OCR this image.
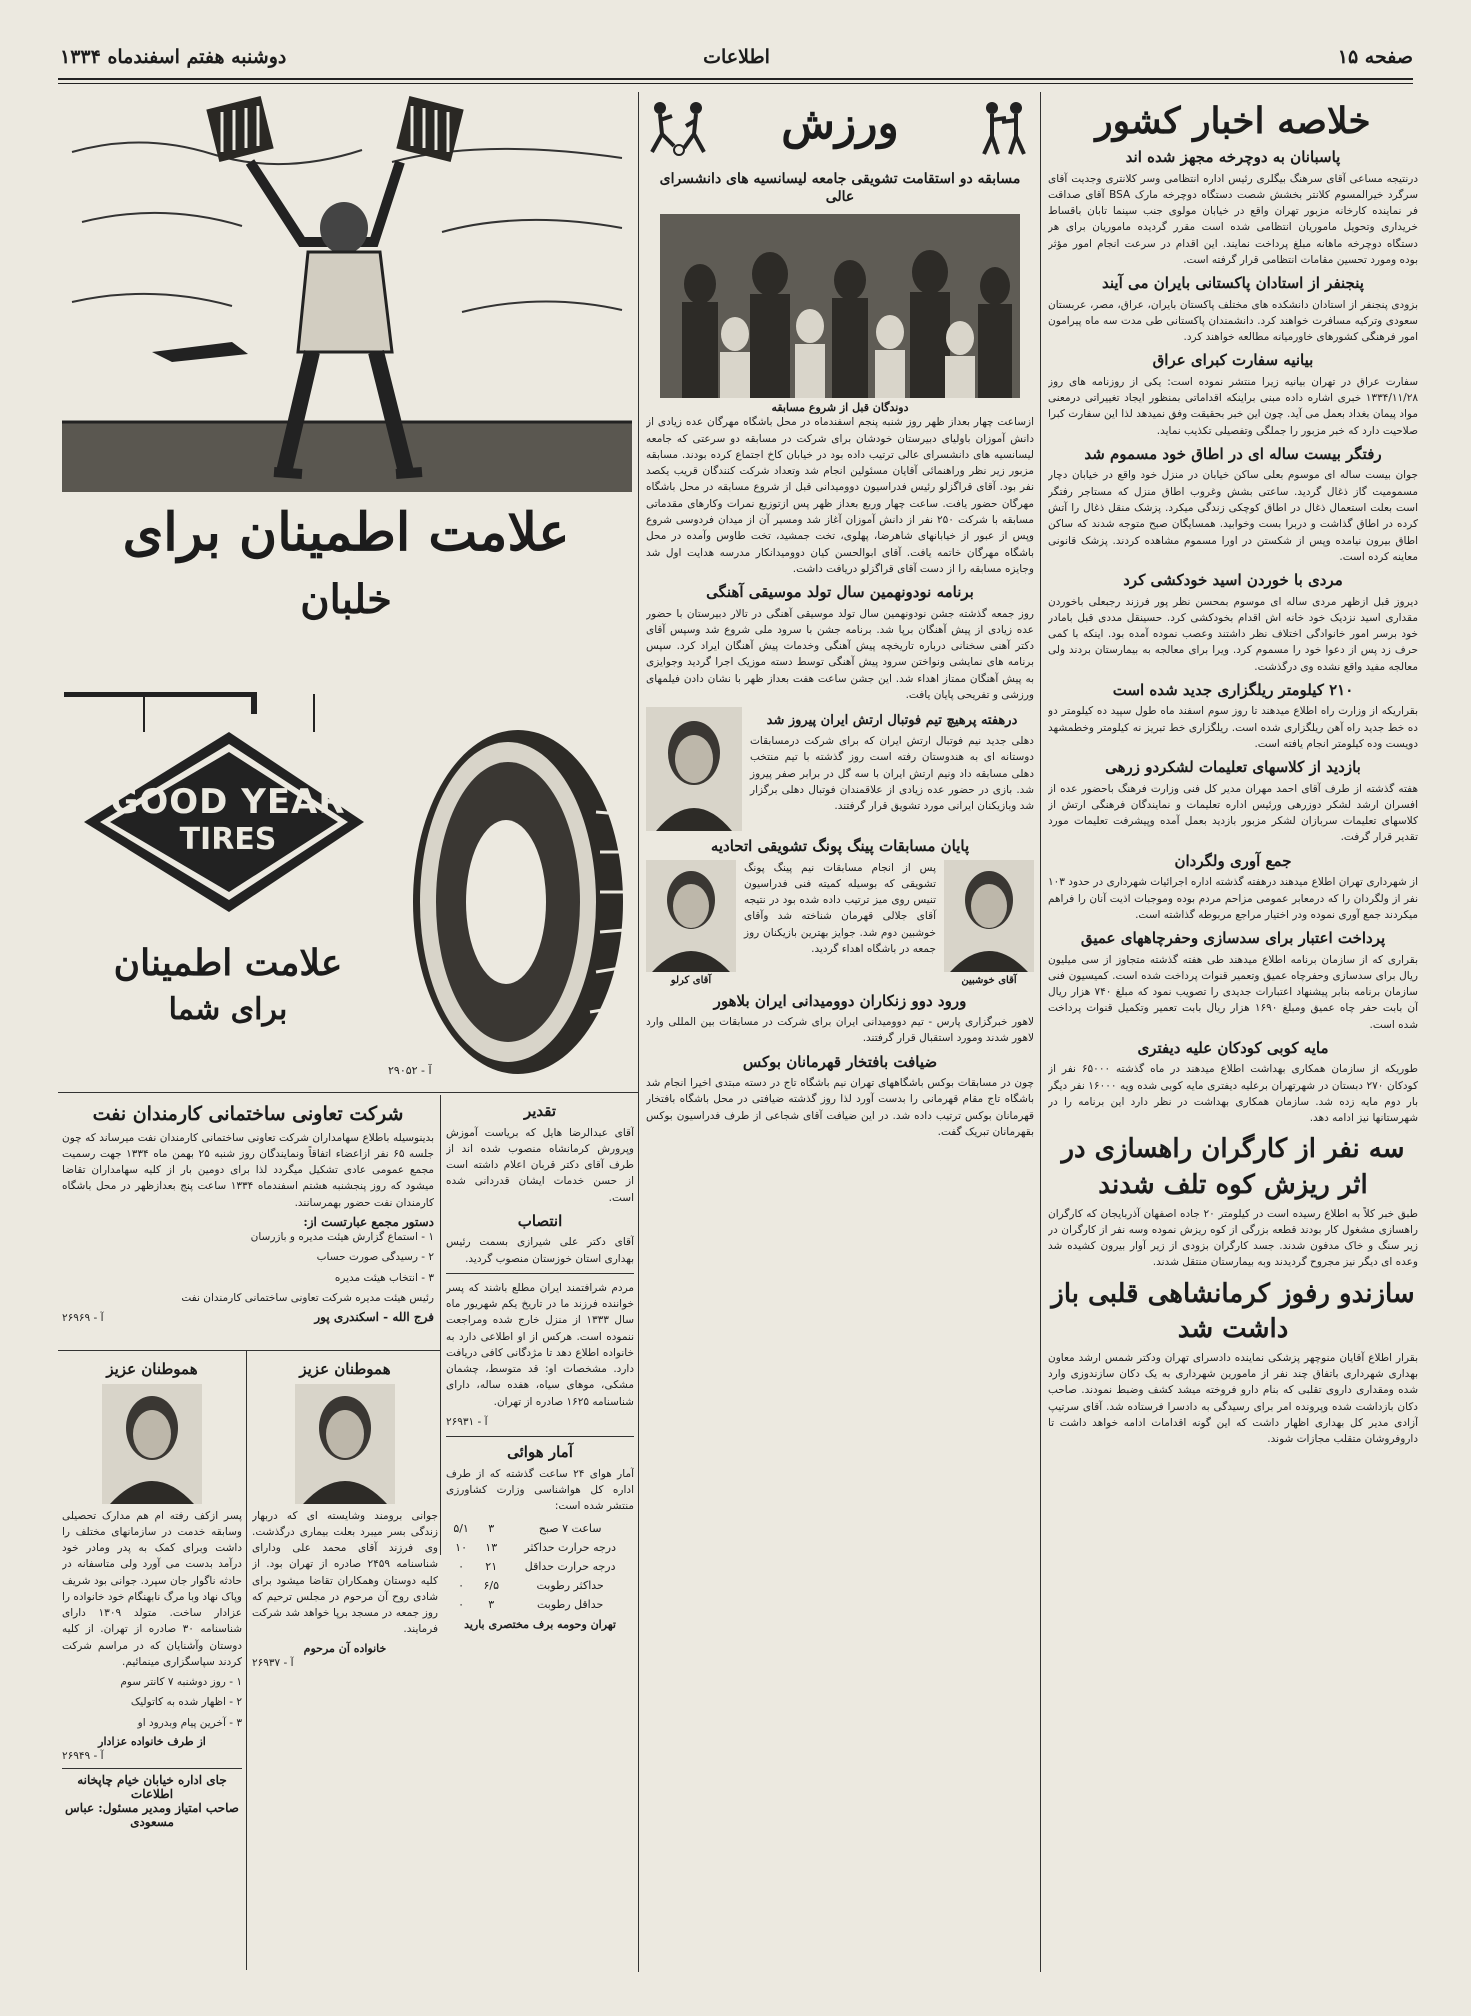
صفحه ۱۵
اطلاعات
دوشنبه هفتم اسفندماه ۱۳۳۴
خلاصه اخبار کشور
پاسبانان به دوچرخه مجهز شده اند

درنتیجه مساعی آقای سرهنگ بیگلری رئیس اداره انتظامی وسر کلانتری وجدیت آقای سرگرد خیرالمسوم کلانتر بخشش شصت دستگاه دوچرخه مارک BSA آقای صداقت فر نماینده کارخانه مزبور تهران واقع در خیابان مولوی جنب سینما تابان باقساط خریداری وتحویل ماموریان انتظامی شده است مقرر گردیده ماموریان برای هر دستگاه دوچرخه ماهانه مبلغ پرداخت نمایند. این اقدام در سرعت انجام امور مؤثر بوده ومورد تحسین مقامات انتظامی قرار گرفته است.

پنجنفر از استادان پاکستانی بایران می آیند

بزودی پنجنفر از استادان دانشکده های مختلف پاکستان بایران، عراق، مصر، عربستان سعودی وترکیه مسافرت خواهند کرد. دانشمندان پاکستانی طی مدت سه ماه پیرامون امور فرهنگی کشورهای خاورمیانه مطالعه خواهند کرد.

بیانیه سفارت کبرای عراق

سفارت عراق در تهران بیانیه زیرا منتشر نموده است: یکی از روزنامه های روز ۱۳۳۴/۱۱/۲۸ خبری اشاره داده مبنی براینکه اقداماتی بمنظور ایجاد تغییراتی درمعنی مواد پیمان بغداد بعمل می آید. چون این خبر بحقیقت وفق نمیدهد لذا این سفارت کبرا صلاحیت دارد که خبر مزبور را جملگی وتفصیلی تکذیب نماید.

رفتگر بیست ساله ای در اطاق خود مسموم شد

جوان بیست ساله ای موسوم بعلی ساکن خیابان در منزل خود واقع در خیابان دچار مسمومیت گاز ذغال گردید. ساعتی بشش وغروب اطاق منزل که مستاجر رفتگر است بعلت استعمال ذغال در اطاق کوچکی زندگی میکرد. پزشک منقل ذغال را آتش کرده در اطاق گذاشت و دربرا بست وخوابید. همسایگان صبح متوجه شدند که ساکن اطاق بیرون نیامده وپس از شکستن در اورا مسموم مشاهده کردند. پزشک قانونی معاینه کرده است.

مردی با خوردن اسید خودکشی کرد

دیروز قبل ازظهر مردی ساله ای موسوم بمحسن نظر پور فرزند رجبعلی باخوردن مقداری اسید نزدیک خود خانه اش اقدام بخودکشی کرد. حسینقل مددی قبل بامادر خود برسر امور خانوادگی اختلاف نظر داشتند وعصب نموده آمده بود. اینکه با کمی حرف زد پس از دعوا خود را مسموم کرد. ویرا برای معالجه به بیمارستان بردند ولی معالجه مفید واقع نشده وی درگذشت.

۲۱۰ کیلومتر ریلگزاری جدید شده است

بقراریکه از وزارت راه اطلاع میدهند تا روز سوم اسفند ماه طول سپید ده کیلومتر دو ده خط جدید راه آهن ریلگزاری شده است. ریلگزاری خط تبریز نه کیلومتر وخطمشهد دویست وده کیلومتر انجام یافته است.

بازدید از کلاسهای تعلیمات لشکردو زرهی

هفته گذشته از طرف آقای احمد مهران مدیر کل فنی وزارت فرهنگ باحضور عده از افسران ارشد لشکر دوزرهی ورئیس اداره تعلیمات و نمایندگان فرهنگی ارتش از کلاسهای تعلیمات سربازان لشکر مزبور بازدید بعمل آمده وپیشرفت تعلیمات مورد تقدیر قرار گرفت.

جمع آوری ولگردان

از شهرداری تهران اطلاع میدهند درهفته گذشته اداره اجرائیات شهرداری در حدود ۱۰۳ نفر از ولگردان را که درمعابر عمومی مزاحم مردم بوده وموجبات اذیت آنان را فراهم میکردند جمع آوری نموده ودر اختیار مراجع مربوطه گذاشته است.

پرداخت اعتبار برای سدسازی وحفرچاههای عمیق

بقراری که از سازمان برنامه اطلاع میدهند طی هفته گذشته متجاوز از سی میلیون ریال برای سدسازی وحفرچاه عمیق وتعمیر قنوات پرداخت شده است. کمیسیون فنی سازمان برنامه بنابر پیشنهاد اعتبارات جدیدی را تصویب نمود که مبلغ ۷۴۰ هزار ریال آن بابت حفر چاه عمیق ومبلغ ۱۶۹۰ هزار ریال بابت تعمیر وتکمیل قنوات پرداخت شده است.

مایه کوبی کودکان علیه دیفتری

طوریکه از سازمان همکاری بهداشت اطلاع میدهند در ماه گذشته ۶۵۰۰۰ نفر از کودکان ۲۷۰ دبستان در شهرتهران برعلیه دیفتری مایه کوبی شده ویه ۱۶۰۰۰ نفر دیگر بار دوم مایه زده شد. سازمان همکاری بهداشت در نظر دارد این برنامه را در شهرستانها نیز ادامه دهد.

سه نفر از کارگران راهسازی در اثر ریزش کوه تلف شدند

طبق خبر کلاً به اطلاع رسیده است در کیلومتر ۲۰ جاده اصفهان آذربایجان که کارگران راهسازی مشغول کار بودند قطعه بزرگی از کوه ریزش نموده وسه نفر از کارگران در زیر سنگ و خاک مدفون شدند. جسد کارگران بزودی از زیر آوار بیرون کشیده شد وعده ای دیگر نیز مجروح گردیدند وبه بیمارستان منتقل شدند.

سازندو رفوز کرمانشاهی قلبی باز داشت شد

بقرار اطلاع آقایان منوچهر پزشکی نماینده دادسرای تهران ودکتر شمس ارشد معاون بهداری شهرداری باتفاق چند نفر از مامورین شهرداری به یک دکان سازندوزی وارد شده ومقداری داروی تقلبی که بنام دارو فروخته میشد کشف وضبط نمودند. صاحب دکان بازداشت شده وپرونده امر برای رسیدگی به دادسرا فرستاده شد. آقای سرتیپ آزادی مدیر کل بهداری اظهار داشت که این گونه اقدامات ادامه خواهد داشت تا داروفروشان متقلب مجازات شوند.

ورزش
مسابقه دو استقامت تشویقی جامعه لیسانسیه های دانشسرای عالی
دوندگان قبل از شروع مسابقه

ازساعت چهار بعداز ظهر روز شنبه پنجم اسفندماه در محل باشگاه مهرگان عده زیادی از دانش آموزان باولیای دبیرستان خودشان برای شرکت در مسابقه دو سرعتی که جامعه لیسانسیه های دانشسرای عالی ترتیب داده بود در خیابان کاخ اجتماع کرده بودند. مسابقه مزبور زیر نظر وراهنمائی آقایان مسئولین انجام شد وتعداد شرکت کنندگان قریب یکصد نفر بود. آقای قراگزلو رئیس فدراسیون دوومیدانی قبل از شروع مسابقه در محل باشگاه مهرگان حضور یافت. ساعت چهار وربع بعداز ظهر پس ازتوزیع نمرات وکارهای مقدماتی مسابقه با شرکت ۲۵۰ نفر از دانش آموزان آغاز شد ومسیر آن از میدان فردوسی شروع وپس از عبور از خیابانهای شاهرضا، پهلوی، تخت جمشید، تخت طاوس وآمده در محل باشگاه مهرگان خاتمه یافت. آقای ابوالحسن کیان دوومیدانکار مدرسه هدایت اول شد وجایزه مسابقه را از دست آقای قراگزلو دریافت داشت.

برنامه نودونهمین سال تولد موسیقی آهنگی

روز جمعه گذشته جشن نودونهمین سال تولد موسیقی آهنگی در تالار دبیرستان با حضور عده زیادی از پیش آهنگان برپا شد. برنامه جشن با سرود ملی شروع شد وسپس آقای دکتر آهنی سخنانی درباره تاریخچه پیش آهنگی وخدمات پیش آهنگان ایراد کرد. سپس برنامه های نمایشی ونواختن سرود پیش آهنگی توسط دسته موزیک اجرا گردید وجوایزی به پیش آهنگان ممتاز اهداء شد. این جشن ساعت هفت بعداز ظهر با نشان دادن فیلمهای ورزشی و تفریحی پایان یافت.

درهفته پرهیچ تیم فوتبال ارتش ایران پیروز شد

دهلی جدید نیم فوتبال ارتش ایران که برای شرکت درمسابقات دوستانه ای به هندوستان رفته است روز گذشته با تیم منتخب دهلی مسابقه داد ونیم ارتش ایران با سه گل در برابر صفر پیروز شد. بازی در حضور عده زیادی از علاقمندان فوتبال دهلی برگزار شد وبازیکنان ایرانی مورد تشویق قرار گرفتند.

پایان مسابقات پینگ پونگ تشویقی اتحادیه
آقای خوشبین

پس از انجام مسابقات نیم پینگ پونگ تشویقی که بوسیله کمیته فنی فدراسیون تنیس روی میز ترتیب داده شده بود در نتیجه آقای جلالی قهرمان شناخته شد وآقای خوشبین دوم شد. جوایز بهترین بازیکنان روز جمعه در باشگاه اهداء گردید.

آقای کرلو
ورود دوو زنکاران دوومیدانی ایران بلاهور

لاهور خبرگزاری پارس - تیم دوومیدانی ایران برای شرکت در مسابقات بین المللی وارد لاهور شدند ومورد استقبال قرار گرفتند.

ضیافت بافتخار قهرمانان بوکس

چون در مسابقات بوکس باشگاههای تهران نیم باشگاه تاج در دسته مبتدی اخیرا انجام شد باشگاه تاج مقام قهرمانی را بدست آورد لذا روز گذشته ضیافتی در محل باشگاه بافتخار قهرمانان بوکس ترتیب داده شد. در این ضیافت آقای شجاعی از طرف فدراسیون بوکس بقهرمانان تبریک گفت.

علامت اطمینان برای
خلبان
GOOD YEAR
TIRES
علامت اطمینان
برای شما
آ - ۲۹۰۵۲
شرکت تعاونی ساختمانی کارمندان نفت

بدینوسیله باطلاع سهامداران شرکت تعاونی ساختمانی کارمندان نفت میرساند که چون جلسه ۶۵ نفر ازاعضاء اتفاقاً ونمایندگان روز شنبه ۲۵ بهمن ماه ۱۳۳۴ جهت رسمیت مجمع عمومی عادی تشکیل میگردد لذا برای دومین بار از کلیه سهامداران تقاضا میشود که روز پنجشنبه هشتم اسفندماه ۱۳۳۴ ساعت پنج بعدازظهر در محل باشگاه کارمندان نفت حضور بهمرسانند.

دستور مجمع عبارتست از:
۱ - استماع گزارش هیئت مدیره و بازرسان
۲ - رسیدگی صورت حساب
۳ - انتخاب هیئت مدیره
رئیس هیئت مدیره شرکت تعاونی ساختمانی کارمندان نفت
فرج الله - اسکندری پور
آ - ۲۶۹۶۹
تقدیر

آقای عبدالرضا هایل که بریاست آموزش وپرورش کرمانشاه منصوب شده اند از طرف آقای دکتر قربان اعلام داشته است از حسن خدمات ایشان قدردانی شده است.

انتصاب

آقای دکتر علی شیرازی بسمت رئیس بهداری استان خوزستان منصوب گردید.

مردم شرافتمند ایران مطلع باشند که پسر خواننده فرزند ما در تاریخ یکم شهریور ماه سال ۱۳۳۳ از منزل خارج شده ومراجعت ننموده است. هرکس از او اطلاعی دارد به خانواده اطلاع دهد تا مژدگانی کافی دریافت دارد. مشخصات او: قد متوسط، چشمان مشکی، موهای سیاه، هفده ساله، دارای شناسنامه ۱۶۲۵ صادره از تهران.

آ - ۲۶۹۳۱
آمار هوائی

آمار هوای ۲۴ ساعت گذشته که از طرف اداره کل هواشناسی وزارت کشاورزی منتشر شده است:

ساعت ۷ صبح	۳	۵/۱
درجه حرارت حداکثر	۱۳	۱۰
درجه حرارت حداقل	۲۱	۰
حداکثر رطوبت	۶/۵	۰
حداقل رطوبت	۳	۰
تهران وحومه برف مختصری بارید
هموطنان عزیز

جوانی برومند وشایسته ای که دربهار زندگی بسر میبرد بعلت بیماری درگذشت. وی فرزند آقای محمد علی ودارای شناسنامه ۲۴۵۹ صادره از تهران بود. از کلیه دوستان وهمکاران تقاضا میشود برای شادی روح آن مرحوم در مجلس ترحیم که روز جمعه در مسجد برپا خواهد شد شرکت فرمایند.

خانواده آن مرحوم
آ - ۲۶۹۳۷
هموطنان عزیز

پسر ازکف رفته ام هم مدارک تحصیلی وسابقه خدمت در سازمانهای مختلف را داشت وبرای کمک به پدر ومادر خود درآمد بدست می آورد ولی متاسفانه در حادثه ناگوار جان سپرد. جوانی بود شریف وپاک نهاد وبا مرگ نابهنگام خود خانواده را عزادار ساخت. متولد ۱۳۰۹ دارای شناسنامه ۳۰ صادره از تهران. از کلیه دوستان وآشنایان که در مراسم شرکت کردند سپاسگزاری مینمائیم.

۱ - روز دوشنبه ۷ کانتر سوم
۲ - اظهار شده به کاتولیک
۳ - آخرین پیام وبدرود او
از طرف خانواده عزادار
آ - ۲۶۹۴۹
جای اداره خیابان خیام چاپخانه اطلاعات
صاحب امتیاز ومدیر مسئول: عباس مسعودی
